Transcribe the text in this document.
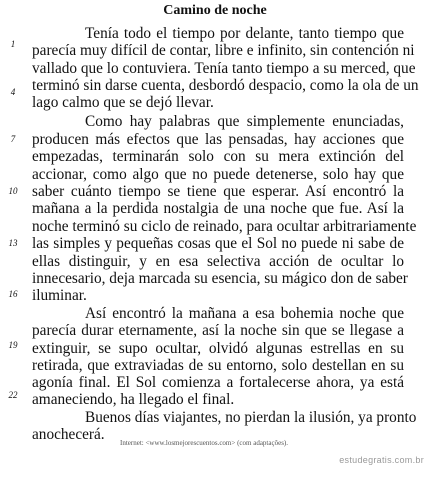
Camino de noche
1
4
7
10
13
16
19
22
Tenía todo el tiempo por delante, tanto tiempo que
parecía muy difícil de contar, libre e infinito, sin contención ni
vallado que lo contuviera. Tenía tanto tiempo a su merced, que
terminó sin darse cuenta, desbordó despacio, como la ola de un
lago calmo que se dejó llevar.
Como hay palabras que simplemente enunciadas,
producen más efectos que las pensadas, hay acciones que
empezadas, terminarán solo con su mera extinción del
accionar, como algo que no puede detenerse, solo hay que
saber cuánto tiempo se tiene que esperar. Así encontró la
mañana a la perdida nostalgia de una noche que fue. Así la
noche terminó su ciclo de reinado, para ocultar arbitrariamente
las simples y pequeñas cosas que el Sol no puede ni sabe de
ellas distinguir, y en esa selectiva acción de ocultar lo
innecesario, deja marcada su esencia, su mágico don de saber
iluminar.
Así encontró la mañana a esa bohemia noche que
parecía durar eternamente, así la noche sin que se llegase a
extinguir, se supo ocultar, olvidó algunas estrellas en su
retirada, que extraviadas de su entorno, solo destellan en su
agonía final. El Sol comienza a fortalecerse ahora, ya está
amaneciendo, ha llegado el final.
Buenos días viajantes, no pierdan la ilusión, ya pronto
anochecerá.	Internet: <www.losmejorescuentos.com> (com adaptações).
estudegratis.com.br
